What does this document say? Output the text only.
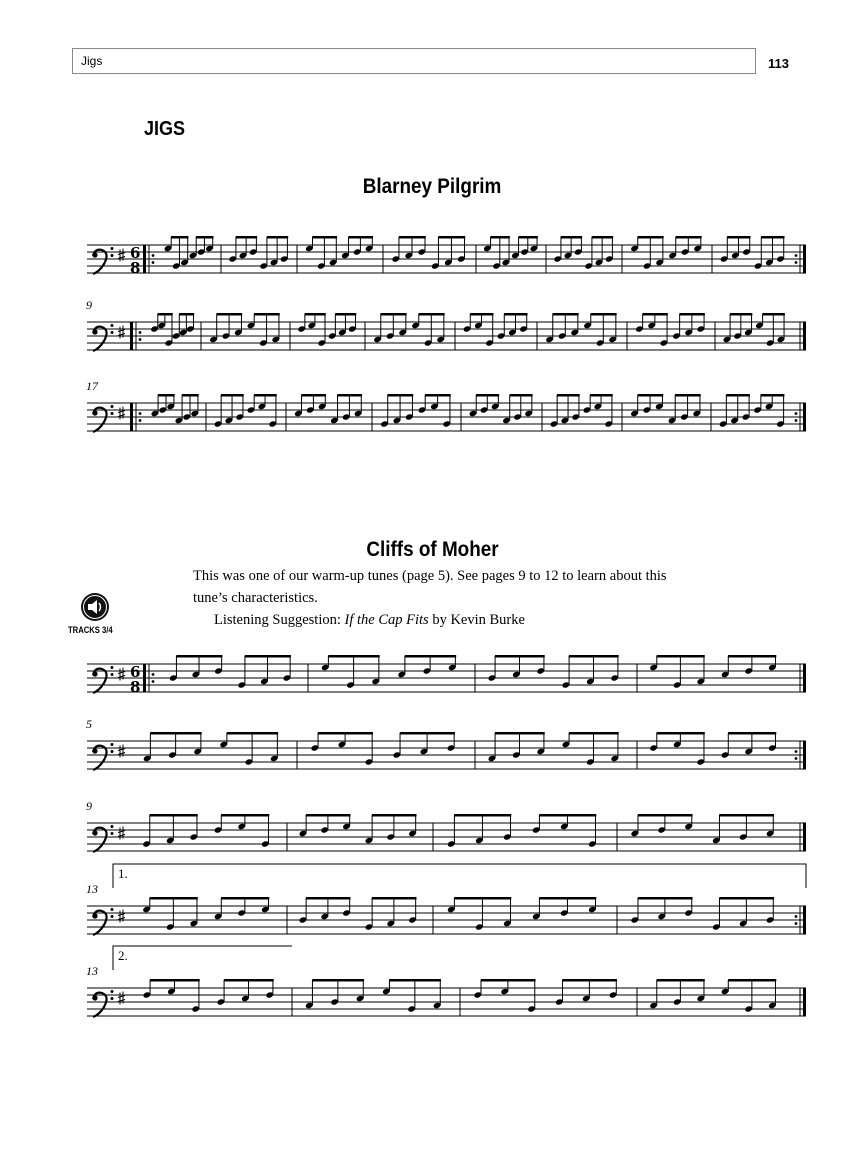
Jigs	113
JIGS
Blarney Pilgrim
Cliffs of Moher
This was one of our warm-up tunes (page 5). See pages 9 to 12 to learn about this
tune’s characteristics.
Listening Suggestion: If the Cap Fits by Kevin Burke
TRACKS 3/4
6
8
9
17
6
8
5
9
13
1.
13
2.
